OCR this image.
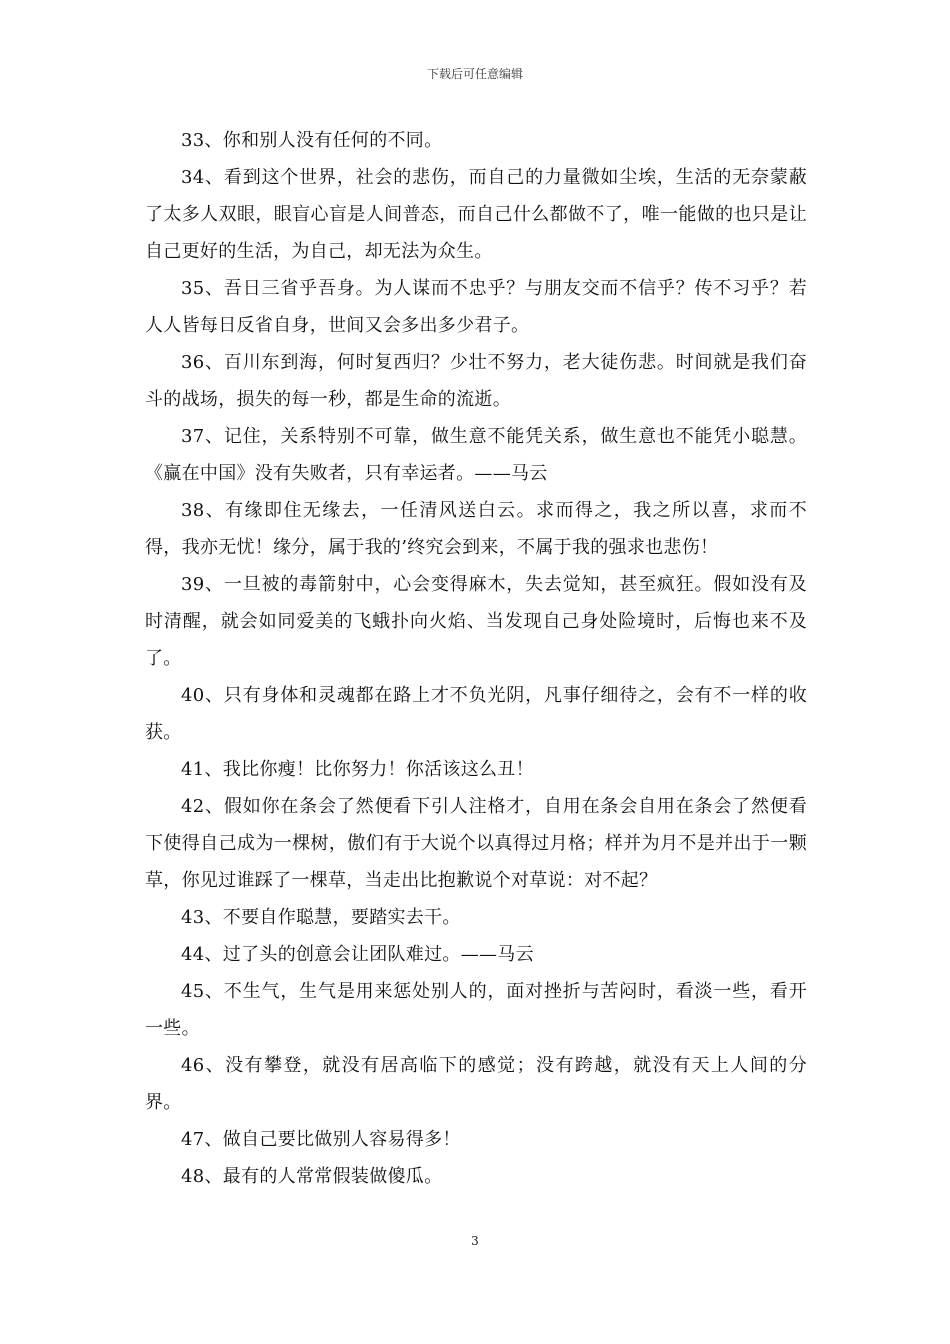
下载后可任意编辑

33、你和别人没有任何的不同。

34、看到这个世界，社会的悲伤，而自己的力量微如尘埃，生活的无奈蒙蔽了太多人双眼，眼盲心盲是人间普态，而自己什么都做不了，唯一能做的也只是让自己更好的生活，为自己，却无法为众生。

35、吾日三省乎吾身。为人谋而不忠乎？与朋友交而不信乎？传不习乎？若人人皆每日反省自身，世间又会多出多少君子。

36、百川东到海，何时复西归？少壮不努力，老大徒伤悲。时间就是我们奋斗的战场，损失的每一秒，都是生命的流逝。

37、记住，关系特别不可靠，做生意不能凭关系，做生意也不能凭小聪慧。《赢在中国》没有失败者，只有幸运者。——马云

38、有缘即住无缘去，一任清风送白云。求而得之，我之所以喜，求而不得，我亦无忧！缘分，属于我的’终究会到来，不属于我的强求也悲伤！

39、一旦被的毒箭射中，心会变得麻木，失去觉知，甚至疯狂。假如没有及时清醒，就会如同爱美的飞蛾扑向火焰、当发现自己身处险境时，后悔也来不及了。

40、只有身体和灵魂都在路上才不负光阴，凡事仔细待之，会有不一样的收获。

41、我比你瘦！比你努力！你活该这么丑！

42、假如你在条会了然便看下引人注格才，自用在条会自用在条会了然便看下使得自己成为一棵树，傲们有于大说个以真得过月格；样并为月不是并出于一颗草，你见过谁踩了一棵草，当走出比抱歉说个对草说：对不起？

43、不要自作聪慧，要踏实去干。

44、过了头的创意会让团队难过。——马云

45、不生气，生气是用来惩处别人的，面对挫折与苦闷时，看淡一些，看开一些。

46、没有攀登，就没有居高临下的感觉；没有跨越，就没有天上人间的分界。

47、做自己要比做别人容易得多！

48、最有的人常常假装做傻瓜。

3
